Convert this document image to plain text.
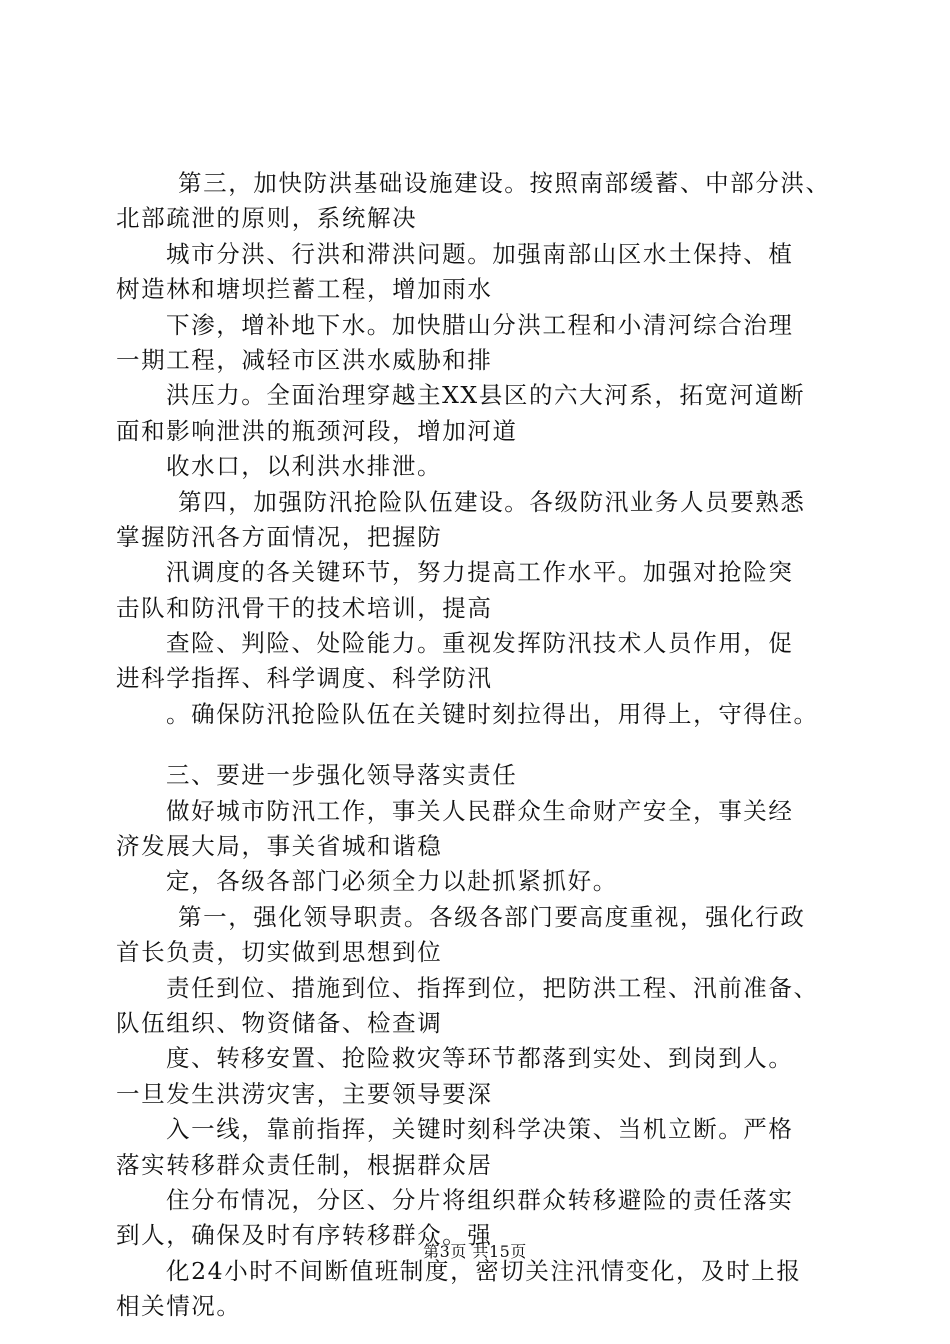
第三，加快防洪基础设施建设。按照南部缓蓄、中部分洪、
北部疏泄的原则，系统解决
城市分洪、行洪和滞洪问题。加强南部山区水土保持、植
树造林和塘坝拦蓄工程，增加雨水
下渗，增补地下水。加快腊山分洪工程和小清河综合治理
一期工程，减轻市区洪水威胁和排
洪压力。全面治理穿越主XX县区的六大河系，拓宽河道断
面和影响泄洪的瓶颈河段，增加河道
收水口，以利洪水排泄。
第四，加强防汛抢险队伍建设。各级防汛业务人员要熟悉
掌握防汛各方面情况，把握防
汛调度的各关键环节，努力提高工作水平。加强对抢险突
击队和防汛骨干的技术培训，提高
查险、判险、处险能力。重视发挥防汛技术人员作用，促
进科学指挥、科学调度、科学防汛
。确保防汛抢险队伍在关键时刻拉得出，用得上，守得住。
三、要进一步强化领导落实责任
做好城市防汛工作，事关人民群众生命财产安全，事关经
济发展大局，事关省城和谐稳
定，各级各部门必须全力以赴抓紧抓好。
第一，强化领导职责。各级各部门要高度重视，强化行政
首长负责，切实做到思想到位
责任到位、措施到位、指挥到位，把防洪工程、汛前准备、
队伍组织、物资储备、检查调
度、转移安置、抢险救灾等环节都落到实处、到岗到人。
一旦发生洪涝灾害，主要领导要深
入一线，靠前指挥，关键时刻科学决策、当机立断。严格
落实转移群众责任制，根据群众居
住分布情况，分区、分片将组织群众转移避险的责任落实
到人，确保及时有序转移群众。强
化24小时不间断值班制度，密切关注汛情变化，及时上报
相关情况。
第3页 共15页
